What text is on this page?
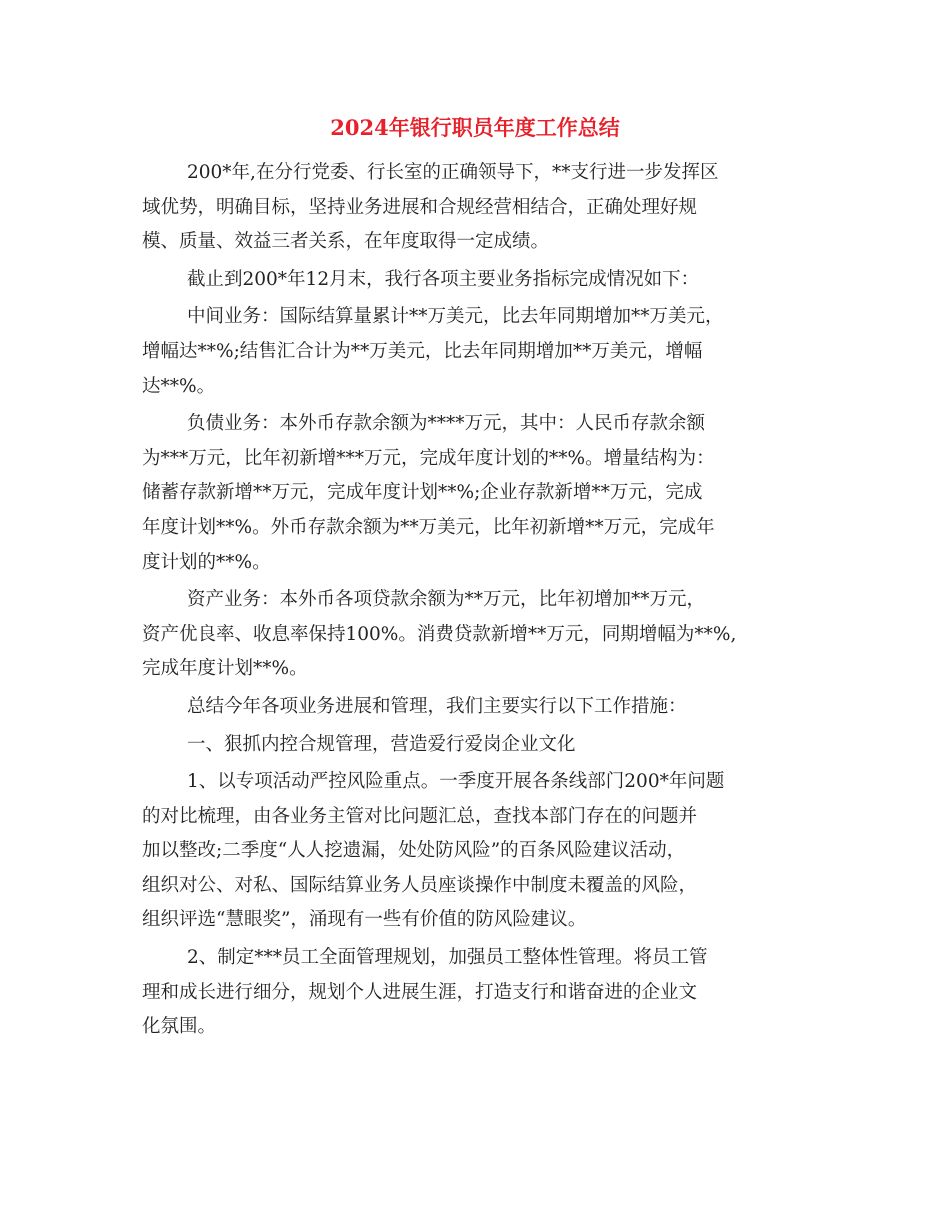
2024年银行职员年度工作总结

200*年,在分行党委、行长室的正确领导下，**支行进一步发挥区
域优势，明确目标，坚持业务进展和合规经营相结合，正确处理好规
模、质量、效益三者关系，在年度取得一定成绩。

截止到200*年12月末，我行各项主要业务指标完成情况如下：

中间业务：国际结算量累计**万美元，比去年同期增加**万美元，
增幅达**%;结售汇合计为**万美元，比去年同期增加**万美元，增幅
达**%。

负债业务：本外币存款余额为****万元，其中：人民币存款余额
为***万元，比年初新增***万元，完成年度计划的**%。增量结构为：
储蓄存款新增**万元，完成年度计划**%;企业存款新增**万元，完成
年度计划**%。外币存款余额为**万美元，比年初新增**万元，完成年
度计划的**%。

资产业务：本外币各项贷款余额为**万元，比年初增加**万元，
资产优良率、收息率保持100%。消费贷款新增**万元，同期增幅为**%,
完成年度计划**%。

总结今年各项业务进展和管理，我们主要实行以下工作措施：

一、狠抓内控合规管理，营造爱行爱岗企业文化

1、以专项活动严控风险重点。一季度开展各条线部门200*年问题
的对比梳理，由各业务主管对比问题汇总，查找本部门存在的问题并
加以整改;二季度“人人挖遗漏，处处防风险”的百条风险建议活动，
组织对公、对私、国际结算业务人员座谈操作中制度未覆盖的风险，
组织评选“慧眼奖”，涌现有一些有价值的防风险建议。

2、制定***员工全面管理规划，加强员工整体性管理。将员工管
理和成长进行细分，规划个人进展生涯，打造支行和谐奋进的企业文
化氛围。
